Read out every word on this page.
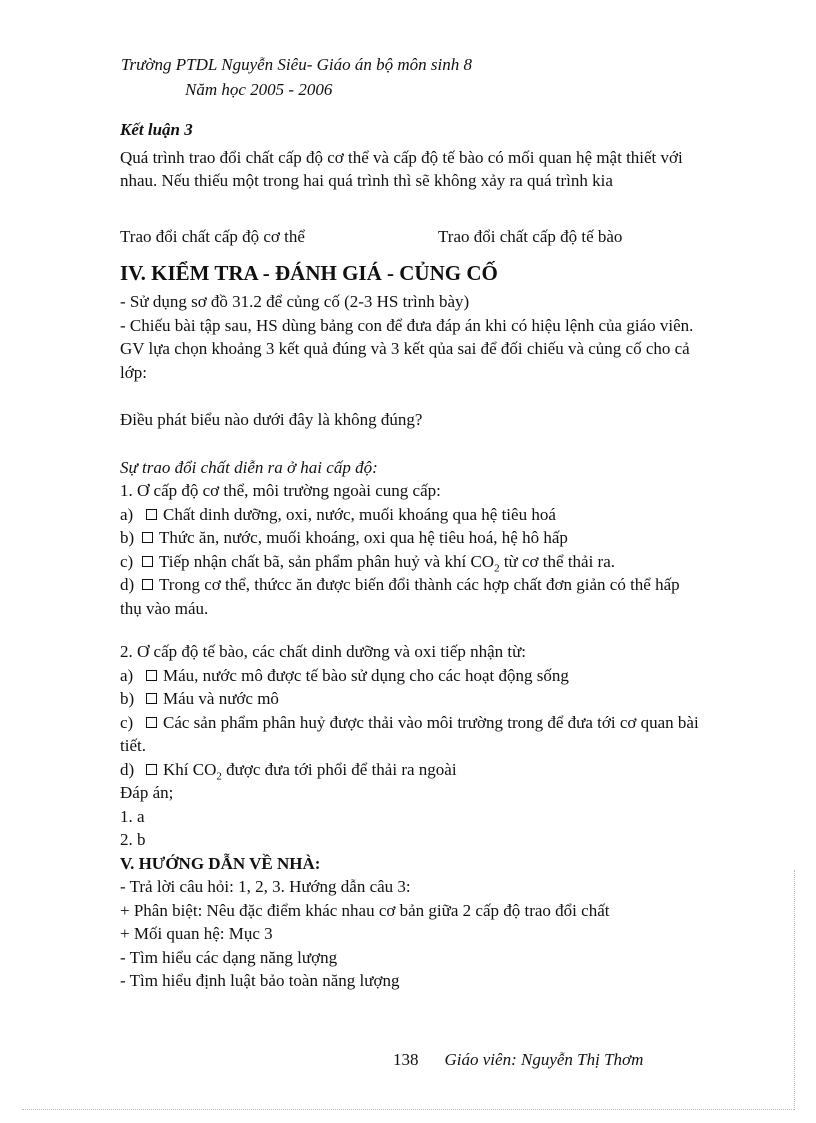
Trường PTDL Nguyễn Siêu- Giáo án bộ môn sinh 8
Năm học 2005 - 2006

Kết luận 3

Quá trình trao đổi chất cấp độ cơ thể và cấp độ tế bào có mối quan hệ mật thiết với nhau. Nếu thiếu một trong hai quá trình thì sẽ không xảy ra quá trình kia

Trao đổi chất cấp độ cơ thể	Trao đổi chất cấp độ tế bào

IV. KIỂM TRA - ĐÁNH GIÁ - CỦNG CỐ

- Sử dụng sơ đồ 31.2 để củng cố (2-3 HS trình bày)

- Chiếu bài tập sau, HS dùng bảng con để đưa đáp án khi có hiệu lệnh của giáo viên. GV lựa chọn khoảng 3 kết quả đúng và 3 kết qủa sai để đối chiếu và củng cố cho cả lớp:

Điều phát biểu nào dưới đây là không đúng?

Sự trao đổi chất diễn ra ở hai cấp độ:

1. Ơ cấp độ cơ thể, môi trường ngoài cung cấp:

a) Chất dinh dưỡng, oxi, nước, muối khoáng qua hệ tiêu hoá

b) Thức ăn, nước, muối khoáng, oxi qua hệ tiêu hoá, hệ hô hấp

c) Tiếp nhận chất bã, sản phẩm phân huỷ và khí $CO_2$ từ cơ thể thải ra.

d) Trong cơ thể, thứcc ăn được biến đổi thành các hợp chất đơn giản có thể hấp thụ vào máu.

2. Ơ cấp độ tế bào, các chất dinh dưỡng và oxi tiếp nhận từ:

a) Máu, nước mô được tế bào sử dụng cho các hoạt động sống

b) Máu và nước mô

c) Các sản phẩm phân huỷ được thải vào môi trường trong để đưa tới cơ quan bài tiết.

d) Khí $CO_2$ được đưa tới phổi để thải ra ngoài

Đáp án;

1. a

2. b

V. HƯỚNG DẪN VỀ NHÀ:

- Trả lời câu hỏi: 1, 2, 3. Hướng dẫn câu 3:

+ Phân biệt: Nêu đặc điểm khác nhau cơ bản giữa 2 cấp độ trao đổi chất

+ Mối quan hệ: Mục 3

- Tìm hiểu các dạng năng lượng

- Tìm hiểu định luật bảo toàn năng lượng

138 Giáo viên: Nguyễn Thị Thơm
